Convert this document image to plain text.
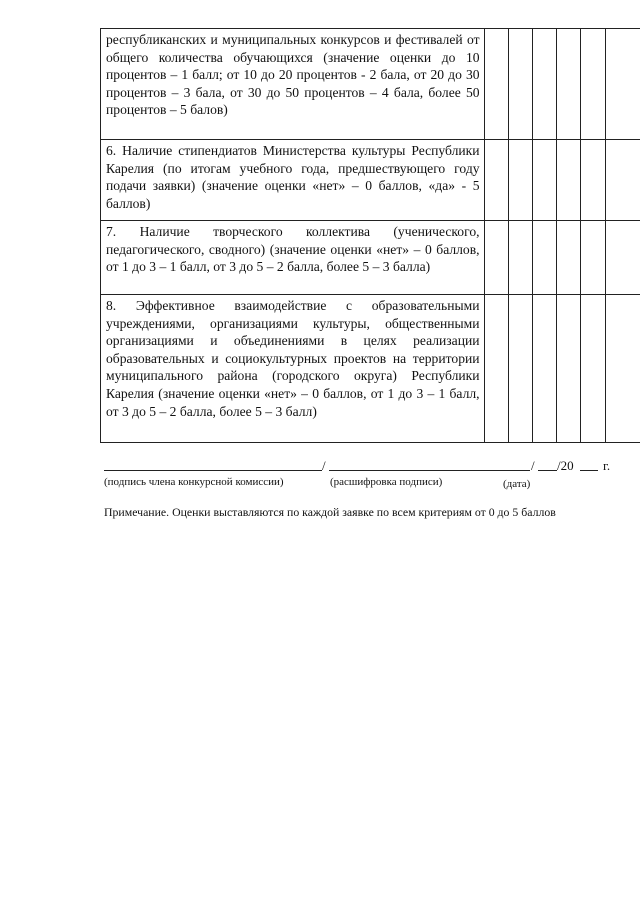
республиканских и муниципальных конкурсов и фестивалей от общего количества обучающихся (значение оценки до 10 процентов – 1 балл; от 10 до 20 процентов - 2 бала, от 20 до 30 процентов – 3 бала, от 30 до 50 процентов – 4 бала, более 50 процентов – 5 балов)						
6. Наличие стипендиатов Министерства культуры Республики Карелия (по итогам учебного года, предшествующего году подачи заявки) (значение оценки «нет» – 0 баллов, «да» - 5 баллов)						
7. Наличие творческого коллектива (ученического, педагогического, сводного) (значение оценки «нет» – 0 баллов, от 1 до 3 – 1 балл, от 3 до 5 – 2 балла, более 5 – 3 балла)						
8. Эффективное взаимодействие с образовательными учреждениями, организациями культуры, общественными организациями и объединениями в целях реализации образовательных и социокультурных проектов на территории муниципального района (городского округа) Республики Карелия (значение оценки «нет» – 0 баллов, от 1 до 3 – 1 балл, от 3 до 5 – 2 балла, более 5 – 3 балл)						
/	/ /20 г.
(подпись члена конкурсной комиссии)	(расшифровка подписи)	(дата)
Примечание. Оценки выставляются по каждой заявке по всем критериям от 0 до 5 баллов
